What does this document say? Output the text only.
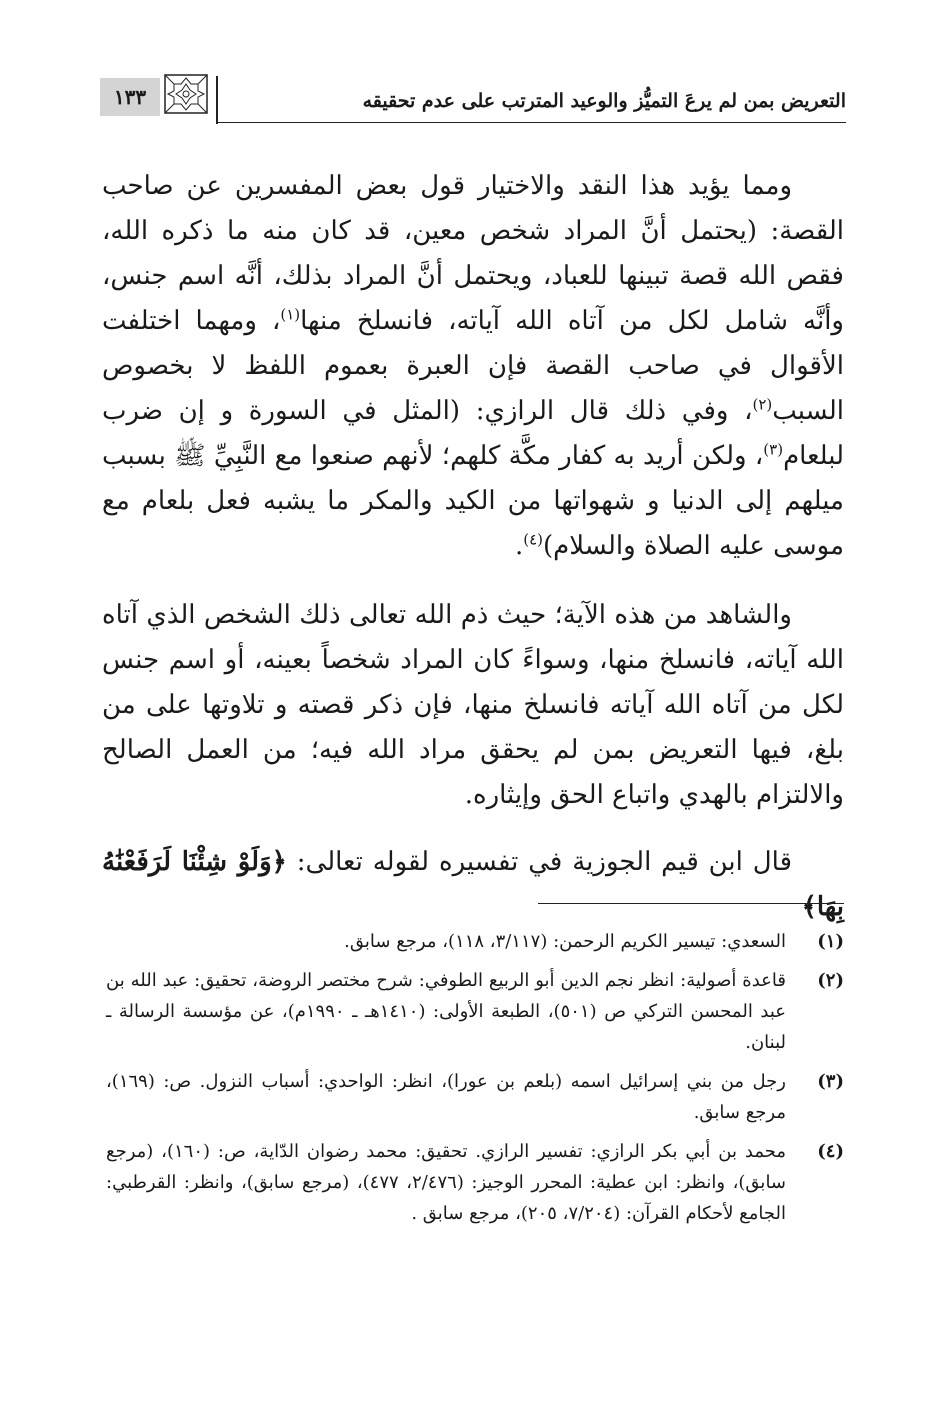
التعريض بمن لم يرعَ التميُّز والوعيد المترتب على عدم تحقيقه
١٣٣

ومما يؤيد هذا النقد والاختيار قول بعض المفسرين عن صاحب القصة: (يحتمل أنَّ المراد شخص معين، قد كان منه ما ذكره الله، فقص الله قصة تبينها للعباد، ويحتمل أنَّ المراد بذلك، أنَّه اسم جنس، وأنَّه شامل لكل من آتاه الله آياته، فانسلخ منها$^{(١)}$، ومهما اختلفت الأقوال في صاحب القصة فإن العبرة بعموم اللفظ لا بخصوص السبب$^{(٢)}$، وفي ذلك قال الرازي: (المثل في السورة و إن ضرب لبلعام$^{(٣)}$، ولكن أريد به كفار مكَّة كلهم؛ لأنهم صنعوا مع النَّبِيِّ ﷺ بسبب ميلهم إلى الدنيا و شهواتها من الكيد والمكر ما يشبه فعل بلعام مع موسى عليه الصلاة والسلام)$^{(٤)}$.

والشاهد من هذه الآية؛ حيث ذم الله تعالى ذلك الشخص الذي آتاه الله آياته، فانسلخ منها، وسواءً كان المراد شخصاً بعينه، أو اسم جنس لكل من آتاه الله آياته فانسلخ منها، فإن ذكر قصته و تلاوتها على من بلغ، فيها التعريض بمن لم يحقق مراد الله فيه؛ من العمل الصالح والالتزام بالهدي واتباع الحق وإيثاره.

قال ابن قيم الجوزية في تفسيره لقوله تعالى: ﴿وَلَوْ شِئْنَا لَرَفَعْنَٰهُ بِهَا﴾

(١)
السعدي: تيسير الكريم الرحمن: (٣/١١٧، ١١٨)، مرجع سابق.
(٢)
قاعدة أصولية: انظر نجم الدين أبو الربيع الطوفي: شرح مختصر الروضة، تحقيق: عبد الله بن عبد المحسن التركي ص (٥٠١)، الطبعة الأولى: (١٤١٠هـ ـ ١٩٩٠م)، عن مؤسسة الرسالة ـ لبنان.
(٣)
رجل من بني إسرائيل اسمه (بلعم بن عورا)، انظر: الواحدي: أسباب النزول. ص: (١٦٩)، مرجع سابق.
(٤)
محمد بن أبي بكر الرازي: تفسير الرازي. تحقيق: محمد رضوان الدّاية، ص: (١٦٠)، (مرجع سابق)، وانظر: ابن عطية: المحرر الوجيز: (٢/٤٧٦، ٤٧٧)، (مرجع سابق)، وانظر: القرطبي: الجامع لأحكام القرآن: (٧/٢٠٤، ٢٠٥)، مرجع سابق .
